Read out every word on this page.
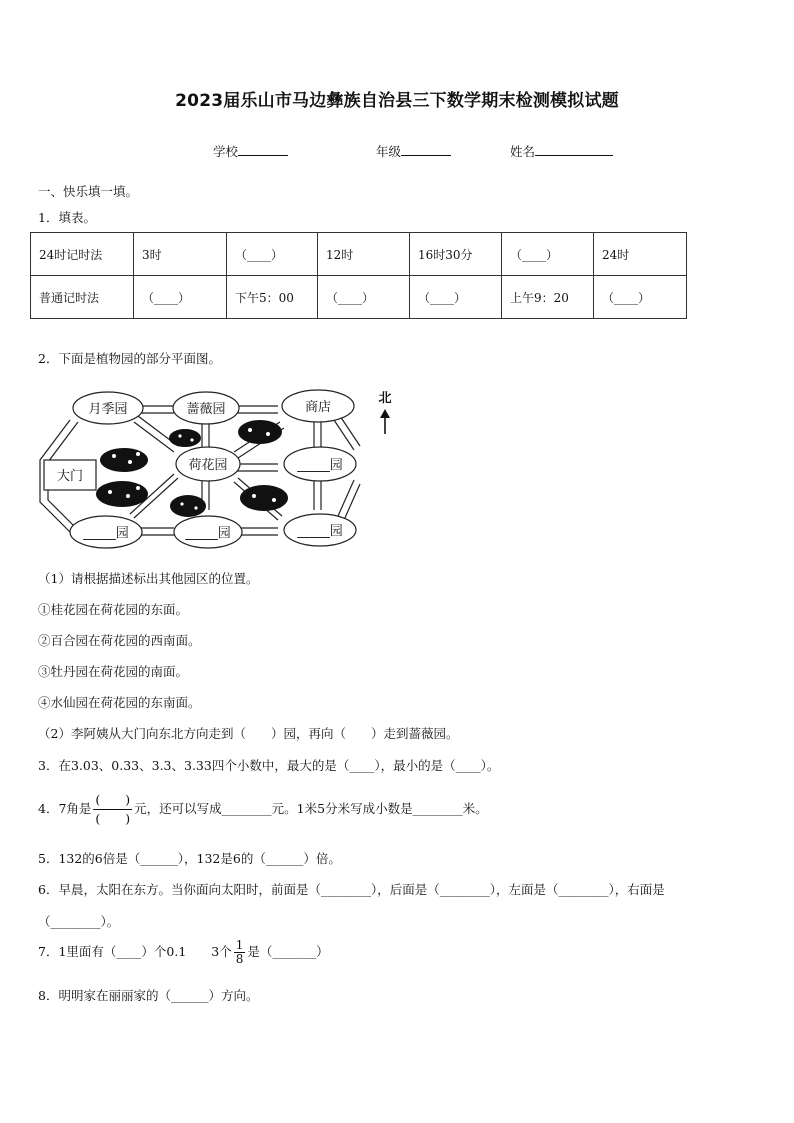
2023届乐山市马边彝族自治县三下数学期末检测模拟试题
学校	年级	姓名
一、快乐填一填。
1．填表。
24时记时法	3时	（____）	12时	16时30分	（____）	24时
普通记时法	（____）	下午5：00	（____）	（____）	上午9：20	（____）
2．下面是植物园的部分平面图。
月季园	蔷薇园	商店
大门
荷花园	_____园
_____园	_____园	_____园
北
（1）请根据描述标出其他园区的位置。
①桂花园在荷花园的东面。
②百合园在荷花园的西南面。
③牡丹园在荷花园的南面。
④水仙园在荷花园的东南面。
（2）李阿姨从大门向东北方向走到（　　）园，再向（　　）走到蔷薇园。
3．在3.03、0.33、3.3、3.33四个小数中，最大的是（____），最小的是（____）。
4．7角是 $\frac{( )}{( )}$ 元，还可以写成________元。1米5分米写成小数是________米。
5．132的6倍是（______），132是6的（______）倍。
6．早晨，太阳在东方。当你面向太阳时，前面是（________），后面是（________），左面是（________），右面是
（________）。
7．1里面有（____）个0.1　　3个 $\frac{1}{8}$ 是（_______）
8．明明家在丽丽家的（______）方向。
